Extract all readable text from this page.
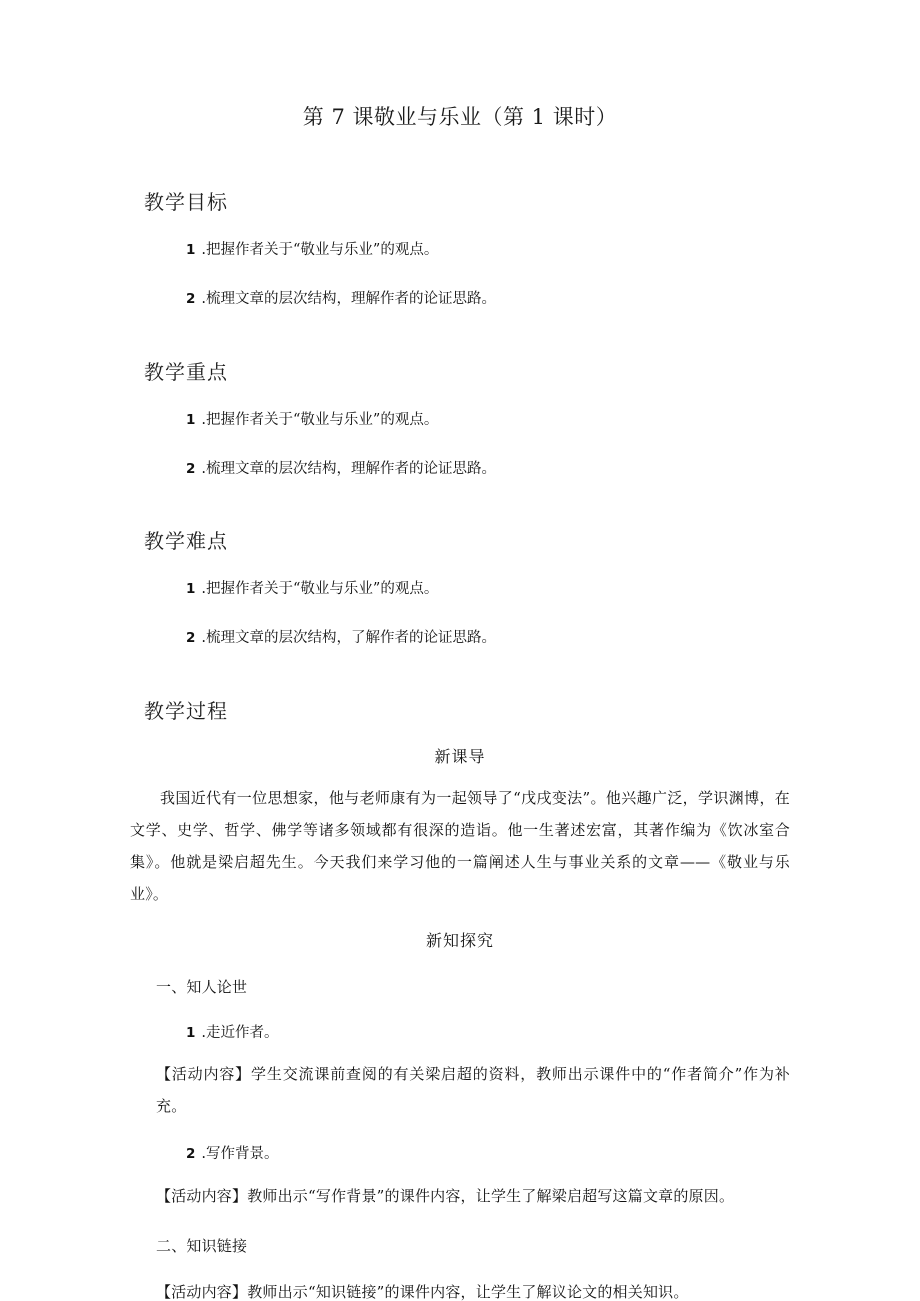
第 7 课敬业与乐业（第 1 课时）
教学目标

1 .把握作者关于“敬业与乐业”的观点。

2 .梳理文章的层次结构，理解作者的论证思路。

教学重点

1 .把握作者关于“敬业与乐业”的观点。

2 .梳理文章的层次结构，理解作者的论证思路。

教学难点

1 .把握作者关于“敬业与乐业”的观点。

2 .梳理文章的层次结构，了解作者的论证思路。

教学过程

新课导

我国近代有一位思想家，他与老师康有为一起领导了“戊戌变法”。他兴趣广泛，学识渊博，在文学、史学、哲学、佛学等诸多领域都有很深的造诣。他一生著述宏富，其著作编为《饮冰室合集》。他就是梁启超先生。今天我们来学习他的一篇阐述人生与事业关系的文章——《敬业与乐业》。

新知探究

一、知人论世

1 .走近作者。

【活动内容】学生交流课前查阅的有关梁启超的资料，教师出示课件中的“作者简介”作为补充。

2 .写作背景。

【活动内容】教师出示“写作背景”的课件内容，让学生了解梁启超写这篇文章的原因。

二、知识链接

【活动内容】教师出示“知识链接”的课件内容，让学生了解议论文的相关知识。
